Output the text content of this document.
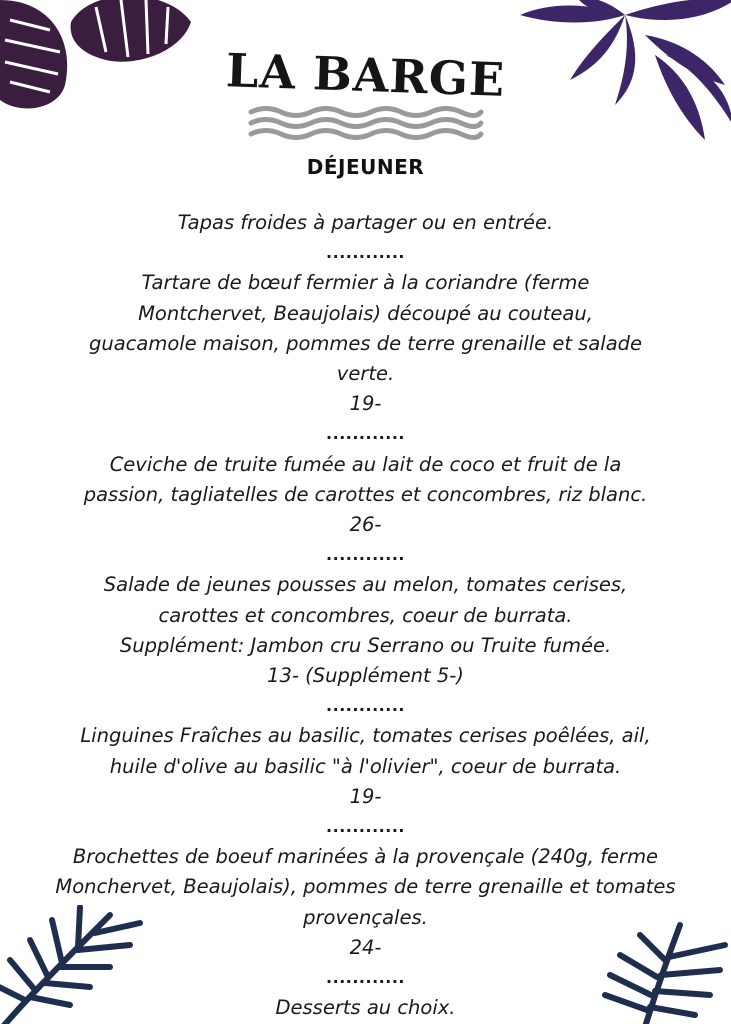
LA BARGE
DÉJEUNER

Tapas froides à partager ou en entrée.

............

Tartare de bœuf fermier à la coriandre (ferme

Montchervet, Beaujolais) découpé au couteau,

guacamole maison, pommes de terre grenaille et salade

verte.

19-

............

Ceviche de truite fumée au lait de coco et fruit de la

passion, tagliatelles de carottes et concombres, riz blanc.

26-

............

Salade de jeunes pousses au melon, tomates cerises,

carottes et concombres, coeur de burrata.

Supplément: Jambon cru Serrano ou Truite fumée.

13- (Supplément 5-)

............

Linguines Fraîches au basilic, tomates cerises poêlées, ail,

huile d'olive au basilic "à l'olivier", coeur de burrata.

19-

............

Brochettes de boeuf marinées à la provençale (240g, ferme

Monchervet, Beaujolais), pommes de terre grenaille et tomates

provençales.

24-

............

Desserts au choix.
